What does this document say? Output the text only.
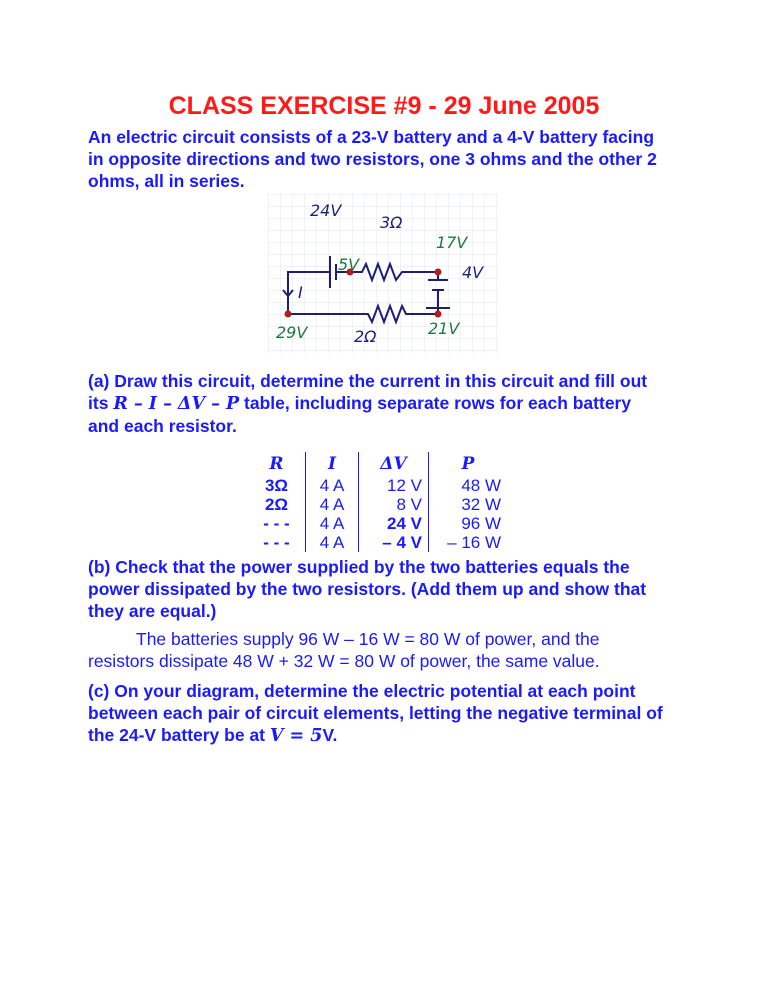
CLASS EXERCISE #9 - 29 June 2005
An electric circuit consists of a 23-V battery and a 4-V battery facing
in opposite directions and two resistors, one 3 ohms and the other 2
ohms, all in series.
24V
3Ω
17V
5V	4V
I
29V	2Ω	21V
(a) Draw this circuit, determine the current in this circuit and fill out
its R – I – ΔV – P table, including separate rows for each battery
and each resistor.
R	I	ΔV	P
3Ω	4 A	12 V	48 W
2Ω	4 A	8 V	32 W
- - -	4 A	24 V	96 W
- - -	4 A	– 4 V	– 16 W
(b) Check that the power supplied by the two batteries equals the
power dissipated by the two resistors. (Add them up and show that
they are equal.)
The batteries supply 96 W – 16 W = 80 W of power, and the
resistors dissipate 48 W + 32 W = 80 W of power, the same value.
(c) On your diagram, determine the electric potential at each point
between each pair of circuit elements, letting the negative terminal of
the 24-V battery be at V = 5V.
